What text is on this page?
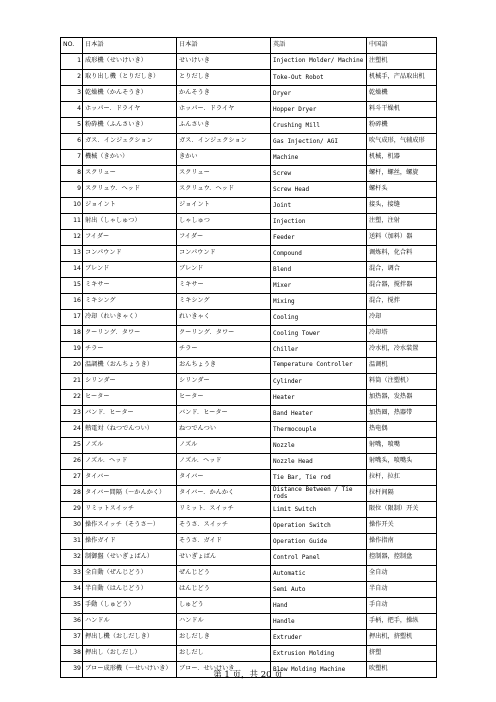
NO.	日本語	日本語	英語	中国語
1	成形機（せいけいき）	せいけいき	Injection Molder/ Machine	注塑机
2	取り出し機（とりだしき）	とりだしき	Toke-Out Robot	机械手，产品取出机
3	乾燥機（かんそうき）	かんそうき	Dryer	乾燥機
4	ホッパー．ドライヤ	ホッパー．ドライヤ	Hopper Dryer	料斗干燥机
5	粉砕機（ふんさいき）	ふんさいき	Crushing Mill	粉碎機
6	ガス．インジェクション	ガス．インジェクション	Gas Injection/ AGI	吹气成形，气辅成形
7	機械（きかい）	きかい	Machine	机械，机器
8	スクリュー	スクリュー	Screw	螺杆，螺丝，螺旋
9	スクリュウ．ヘッド	スクリュウ．ヘッド	Screw Head	螺杆头
10	ジョイント	ジョイント	Joint	接头，接缝
11	射出（しゃしゅつ）	しゃしゅつ	Injection	注塑，注射
12	フイダー	フイダー	Feeder	送料（加料）器
13	コンパウンド	コンパウンド	Compound	调炼料，化合料
14	ブレンド	ブレンド	Blend	混合，调合
15	ミキサー	ミキサー	Mixer	混合器，搅拌器
16	ミキシング	ミキシング	Mixing	混合，搅拌
17	冷却（れいきゃく）	れいきゃく	Cooling	冷却
18	クーリング．タワー	クーリング．タワー	Cooling Tower	冷却塔
19	チラー	チラー	Chiller	冷水机，冷水装置
20	温調機（おんちょうき）	おんちょうき	Temperature Controller	温调机
21	シリンダー	シリンダー	Cylinder	料筒（注塑机）
22	ヒーター	ヒーター	Heater	加热器，发热器
23	バンド．ヒーター	バンド．ヒーター	Band Heater	加热圈，热器带
24	熱電対（ねつでんつい）	ねつでんつい	Thermocouple	热电偶
25	ノズル	ノズル	Nozzle	射嘴，喷嘴
26	ノズル．ヘッド	ノズル．ヘッド	Nozzle Head	射嘴头，喷嘴头
27	タイバー	タイバー	Tie Bar, Tie rod	拉杆，拉扛
28	タイバー間隔（～かんかく）	タイバー．かんかく	Distance Between / Tie rods	拉杆间隔
29	リミットスイッチ	リミット．スイッチ	Limit Switch	限位（限制）开关
30	操作スイッチ（そうさ～）	そうさ．スイッチ	Operation Switch	操作开关
31	操作ガイド	そうさ．ガイド	Operation Guide	操作指南
32	制御盤（せいぎょばん）	せいぎょばん	Control Panel	控制器，控制盘
33	全自動（ぜんじどう）	ぜんじどう	Automatic	全自动
34	半自動（はんじどう）	はんじどう	Semi Auto	半自动
35	手動（しゅどう）	しゅどう	Hand	手自动
36	ハンドル	ハンドル	Handle	手柄，把手，操纵
37	押出し機（おしだしき）	おしだしき	Extruder	押出机，挤塑机
38	押出し（おしだし）	おしだし	Extrusion Molding	挤塑
39	ブロー成形機（～せいけいき）	ブロー．せいけいき	Blow Molding Machine	吹塑机
第 1 页，共 20 页
